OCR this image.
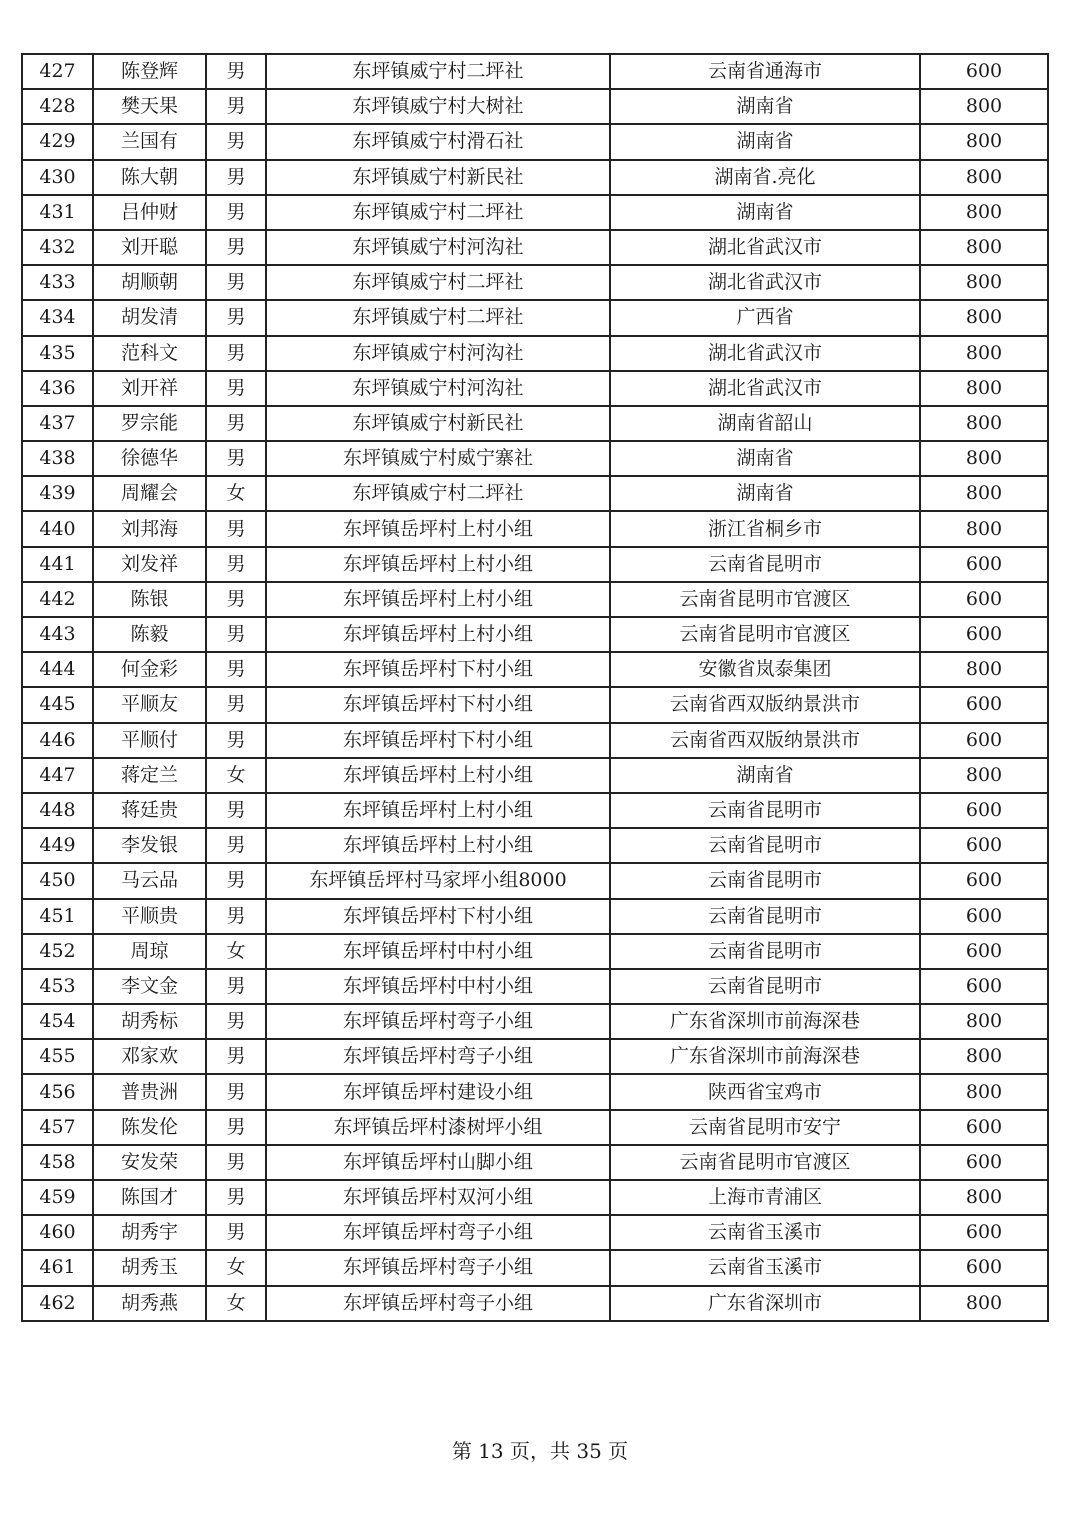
427	陈登辉	男	东坪镇威宁村二坪社	云南省通海市	600
428	樊天果	男	东坪镇威宁村大树社	湖南省	800
429	兰国有	男	东坪镇威宁村滑石社	湖南省	800
430	陈大朝	男	东坪镇威宁村新民社	湖南省.亮化	800
431	吕仲财	男	东坪镇威宁村二坪社	湖南省	800
432	刘开聪	男	东坪镇威宁村河沟社	湖北省武汉市	800
433	胡顺朝	男	东坪镇威宁村二坪社	湖北省武汉市	800
434	胡发清	男	东坪镇威宁村二坪社	广西省	800
435	范科文	男	东坪镇威宁村河沟社	湖北省武汉市	800
436	刘开祥	男	东坪镇威宁村河沟社	湖北省武汉市	800
437	罗宗能	男	东坪镇威宁村新民社	湖南省韶山	800
438	徐德华	男	东坪镇威宁村威宁寨社	湖南省	800
439	周耀会	女	东坪镇威宁村二坪社	湖南省	800
440	刘邦海	男	东坪镇岳坪村上村小组	浙江省桐乡市	800
441	刘发祥	男	东坪镇岳坪村上村小组	云南省昆明市	600
442	陈银	男	东坪镇岳坪村上村小组	云南省昆明市官渡区	600
443	陈毅	男	东坪镇岳坪村上村小组	云南省昆明市官渡区	600
444	何金彩	男	东坪镇岳坪村下村小组	安徽省岚泰集团	800
445	平顺友	男	东坪镇岳坪村下村小组	云南省西双版纳景洪市	600
446	平顺付	男	东坪镇岳坪村下村小组	云南省西双版纳景洪市	600
447	蒋定兰	女	东坪镇岳坪村上村小组	湖南省	800
448	蒋廷贵	男	东坪镇岳坪村上村小组	云南省昆明市	600
449	李发银	男	东坪镇岳坪村上村小组	云南省昆明市	600
450	马云品	男	东坪镇岳坪村马家坪小组8000	云南省昆明市	600
451	平顺贵	男	东坪镇岳坪村下村小组	云南省昆明市	600
452	周琼	女	东坪镇岳坪村中村小组	云南省昆明市	600
453	李文金	男	东坪镇岳坪村中村小组	云南省昆明市	600
454	胡秀标	男	东坪镇岳坪村弯子小组	广东省深圳市前海深巷	800
455	邓家欢	男	东坪镇岳坪村弯子小组	广东省深圳市前海深巷	800
456	普贵洲	男	东坪镇岳坪村建设小组	陕西省宝鸡市	800
457	陈发伦	男	东坪镇岳坪村漆树坪小组	云南省昆明市安宁	600
458	安发荣	男	东坪镇岳坪村山脚小组	云南省昆明市官渡区	600
459	陈国才	男	东坪镇岳坪村双河小组	上海市青浦区	800
460	胡秀宇	男	东坪镇岳坪村弯子小组	云南省玉溪市	600
461	胡秀玉	女	东坪镇岳坪村弯子小组	云南省玉溪市	600
462	胡秀燕	女	东坪镇岳坪村弯子小组	广东省深圳市	800
第 13 页，共 35 页
